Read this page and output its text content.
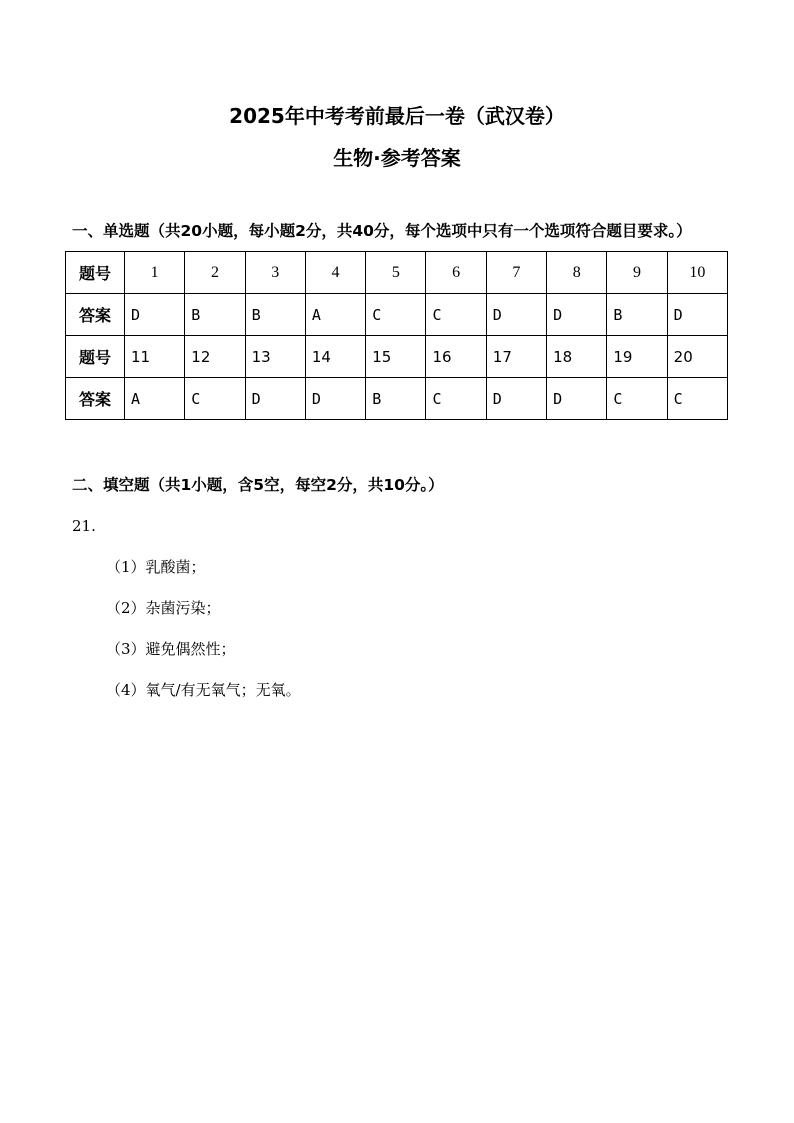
2025年中考考前最后一卷（武汉卷）
生物·参考答案
一、单选题（共20小题，每小题2分，共40分，每个选项中只有一个选项符合题目要求。）
题号	1	2	3	4	5	6	7	8	9	10
答案	D	B	B	A	C	C	D	D	B	D
题号	11	12	13	14	15	16	17	18	19	20
答案	A	C	D	D	B	C	D	D	C	C
二、填空题（共1小题，含5空，每空2分，共10分。）
21.
（1）乳酸菌；
（2）杂菌污染；
（3）避免偶然性；
（4）氧气/有无氧气；无氧。
